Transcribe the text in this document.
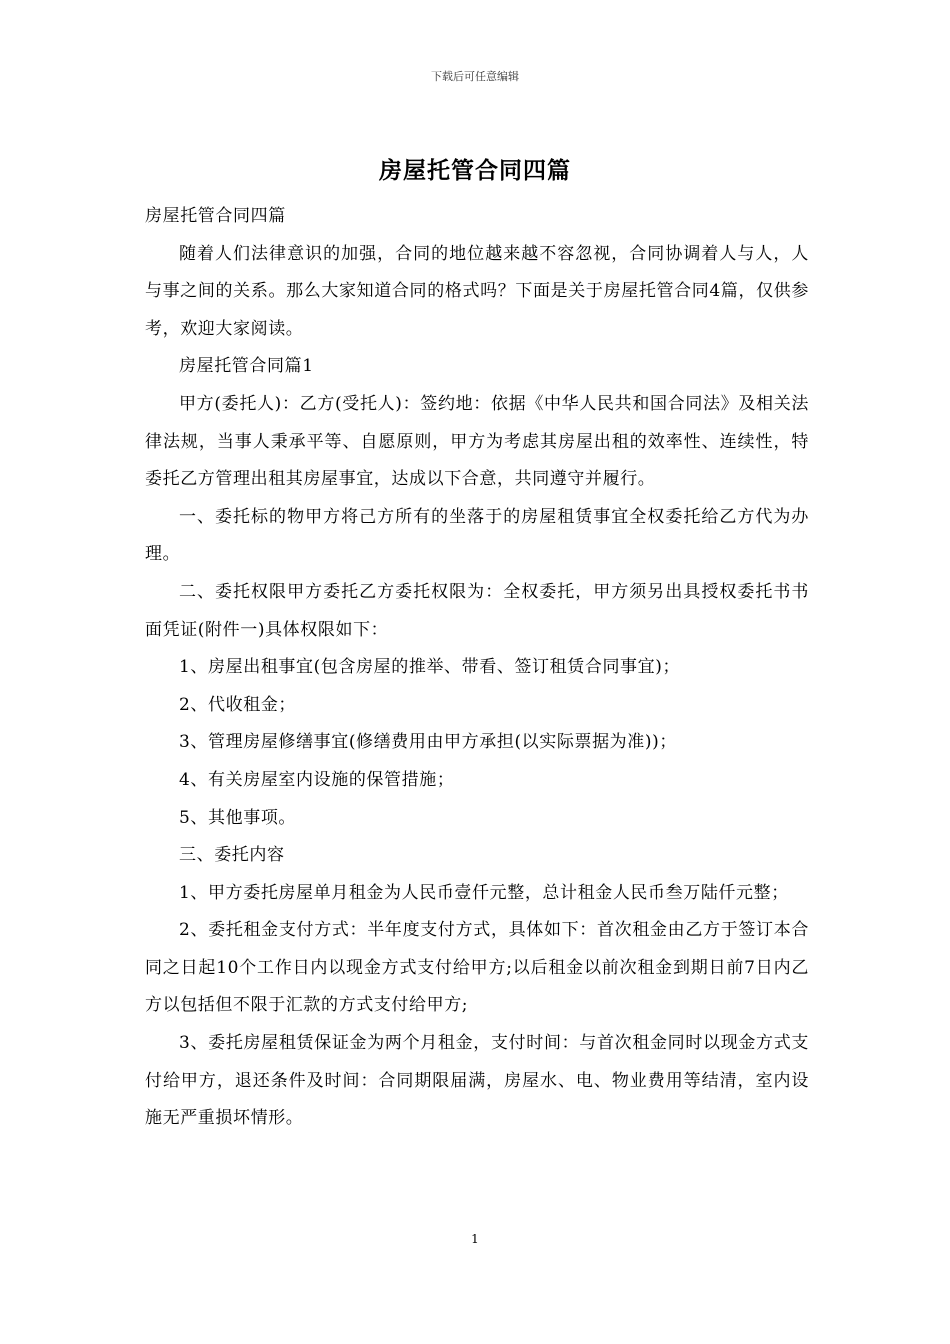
下载后可任意编辑
房屋托管合同四篇

房屋托管合同四篇

随着人们法律意识的加强，合同的地位越来越不容忽视，合同协调着人与人，人与事之间的关系。那么大家知道合同的格式吗？下面是关于房屋托管合同4篇，仅供参考，欢迎大家阅读。

房屋托管合同篇1

甲方(委托人)：乙方(受托人)：签约地：依据《中华人民共和国合同法》及相关法律法规，当事人秉承平等、自愿原则，甲方为考虑其房屋出租的效率性、连续性，特委托乙方管理出租其房屋事宜，达成以下合意，共同遵守并履行。

一、委托标的物甲方将己方所有的坐落于的房屋租赁事宜全权委托给乙方代为办理。

二、委托权限甲方委托乙方委托权限为：全权委托，甲方须另出具授权委托书书面凭证(附件一)具体权限如下：

1、房屋出租事宜(包含房屋的推举、带看、签订租赁合同事宜)；

2、代收租金；

3、管理房屋修缮事宜(修缮费用由甲方承担(以实际票据为准))；

4、有关房屋室内设施的保管措施；

5、其他事项。

三、委托内容

1、甲方委托房屋单月租金为人民币壹仟元整，总计租金人民币叁万陆仟元整；

2、委托租金支付方式：半年度支付方式，具体如下：首次租金由乙方于签订本合同之日起10个工作日内以现金方式支付给甲方;以后租金以前次租金到期日前7日内乙方以包括但不限于汇款的方式支付给甲方;

3、委托房屋租赁保证金为两个月租金，支付时间：与首次租金同时以现金方式支付给甲方，退还条件及时间：合同期限届满，房屋水、电、物业费用等结清，室内设施无严重损坏情形。

1
